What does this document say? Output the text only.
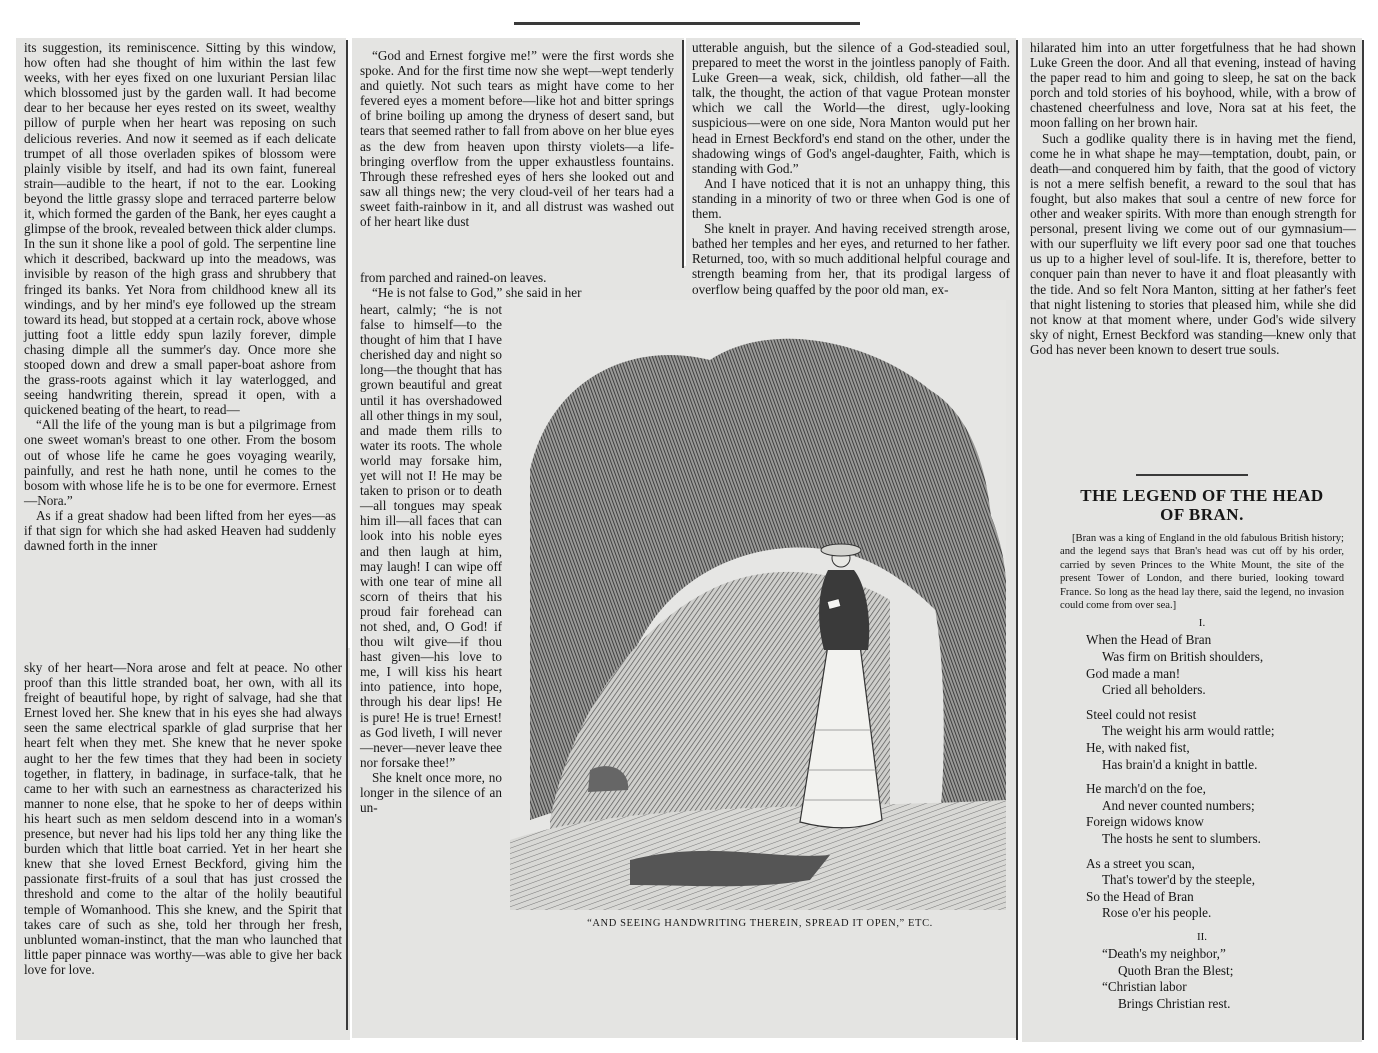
its suggestion, its reminiscence. Sitting by this window, how often had she thought of him within the last few weeks, with her eyes fixed on one luxuriant Persian lilac which blossomed just by the garden wall. It had become dear to her because her eyes rested on its sweet, wealthy pillow of purple when her heart was reposing on such delicious reveries. And now it seemed as if each delicate trumpet of all those overladen spikes of blossom were plainly visible by itself, and had its own faint, funereal strain—audible to the heart, if not to the ear. Looking beyond the little grassy slope and terraced parterre below it, which formed the garden of the Bank, her eyes caught a glimpse of the brook, revealed between thick alder clumps. In the sun it shone like a pool of gold. The serpentine line which it described, backward up into the meadows, was invisible by reason of the high grass and shrubbery that fringed its banks. Yet Nora from childhood knew all its windings, and by her mind's eye followed up the stream toward its head, but stopped at a certain rock, above whose jutting foot a little eddy spun lazily forever, dimple chasing dimple all the summer's day. Once more she stooped down and drew a small paper-boat ashore from the grass-roots against which it lay waterlogged, and seeing handwriting therein, spread it open, with a quickened beating of the heart, to read—

“All the life of the young man is but a pilgrimage from one sweet woman's breast to one other. From the bosom out of whose life he came he goes voyaging wearily, painfully, and rest he hath none, until he comes to the bosom with whose life he is to be one for evermore. Ernest—Nora.”

As if a great shadow had been lifted from her eyes—as if that sign for which she had asked Heaven had suddenly dawned forth in the inner

sky of her heart—Nora arose and felt at peace. No other proof than this little stranded boat, her own, with all its freight of beautiful hope, by right of salvage, had she that Ernest loved her. She knew that in his eyes she had always seen the same electrical sparkle of glad surprise that her heart felt when they met. She knew that he never spoke aught to her the few times that they had been in society together, in flattery, in badinage, in surface-talk, that he came to her with such an earnestness as characterized his manner to none else, that he spoke to her of deeps within his heart such as men seldom descend into in a woman's presence, but never had his lips told her any thing like the burden which that little boat carried. Yet in her heart she knew that she loved Ernest Beckford, giving him the passionate first-fruits of a soul that has just crossed the threshold and come to the altar of the holily beautiful temple of Womanhood. This she knew, and the Spirit that takes care of such as she, told her through her fresh, unblunted woman-instinct, that the man who launched that little paper pinnace was worthy—was able to give her back love for love.

“God and Ernest forgive me!” were the first words she spoke. And for the first time now she wept—wept tenderly and quietly. Not such tears as might have come to her fevered eyes a moment before—like hot and bitter springs of brine boiling up among the dryness of desert sand, but tears that seemed rather to fall from above on her blue eyes as the dew from heaven upon thirsty violets—a life-bringing overflow from the upper exhaustless fountains. Through these refreshed eyes of hers she looked out and saw all things new; the very cloud-veil of her tears had a sweet faith-rainbow in it, and all distrust was washed out of her heart like dust

from parched and rained-on leaves.

“He is not false to God,” she said in her

heart, calmly; “he is not false to himself—to the thought of him that I have cherished day and night so long—the thought that has grown beautiful and great until it has overshadowed all other things in my soul, and made them rills to water its roots. The whole world may forsake him, yet will not I! He may be taken to prison or to death—all tongues may speak him ill—all faces that can look into his noble eyes and then laugh at him, may laugh! I can wipe off with one tear of mine all scorn of theirs that his proud fair forehead can not shed, and, O God! if thou wilt give—if thou hast given—his love to me, I will kiss his heart into patience, into hope, through his dear lips! He is pure! He is true! Ernest! as God liveth, I will never—never—never leave thee nor forsake thee!”

She knelt once more, no longer in the silence of an un-

utterable anguish, but the silence of a God-steadied soul, prepared to meet the worst in the jointless panoply of Faith. Luke Green—a weak, sick, childish, old father—all the talk, the thought, the action of that vague Protean monster which we call the World—the direst, ugly-looking suspicious—were on one side, Nora Manton would put her head in Ernest Beckford's end stand on the other, under the shadowing wings of God's angel-daughter, Faith, which is standing with God.”

And I have noticed that it is not an unhappy thing, this standing in a minority of two or three when God is one of them.

She knelt in prayer. And having received strength arose, bathed her temples and her eyes, and returned to her father. Returned, too, with so much additional helpful courage and strength beaming from her, that its prodigal largess of overflow being quaffed by the poor old man, ex-

“AND SEEING HANDWRITING THEREIN, SPREAD IT OPEN,” ETC.

hilarated him into an utter forgetfulness that he had shown Luke Green the door. And all that evening, instead of having the paper read to him and going to sleep, he sat on the back porch and told stories of his boyhood, while, with a brow of chastened cheerfulness and love, Nora sat at his feet, the moon falling on her brown hair.

Such a godlike quality there is in having met the fiend, come he in what shape he may—temptation, doubt, pain, or death—and conquered him by faith, that the good of victory is not a mere selfish benefit, a reward to the soul that has fought, but also makes that soul a centre of new force for other and weaker spirits. With more than enough strength for personal, present living we come out of our gymnasium—with our superfluity we lift every poor sad one that touches us up to a higher level of soul-life. It is, therefore, better to conquer pain than never to have it and float pleasantly with the tide. And so felt Nora Manton, sitting at her father's feet that night listening to stories that pleased him, while she did not know at that moment where, under God's wide silvery sky of night, Ernest Beckford was standing—knew only that God has never been known to desert true souls.

THE LEGEND OF THE HEAD OF BRAN.

[Bran was a king of England in the old fabulous British history; and the legend says that Bran's head was cut off by his order, carried by seven Princes to the White Mount, the site of the present Tower of London, and there buried, looking toward France. So long as the head lay there, said the legend, no invasion could come from over sea.]

I.
When the Head of Bran
Was firm on British shoulders,
God made a man!
Cried all beholders.
Steel could not resist
The weight his arm would rattle;
He, with naked fist,
Has brain'd a knight in battle.
He march'd on the foe,
And never counted numbers;
Foreign widows know
The hosts he sent to slumbers.
As a street you scan,
That's tower'd by the steeple,
So the Head of Bran
Rose o'er his people.
II.
“Death's my neighbor,”
Quoth Bran the Blest;
“Christian labor
Brings Christian rest.
